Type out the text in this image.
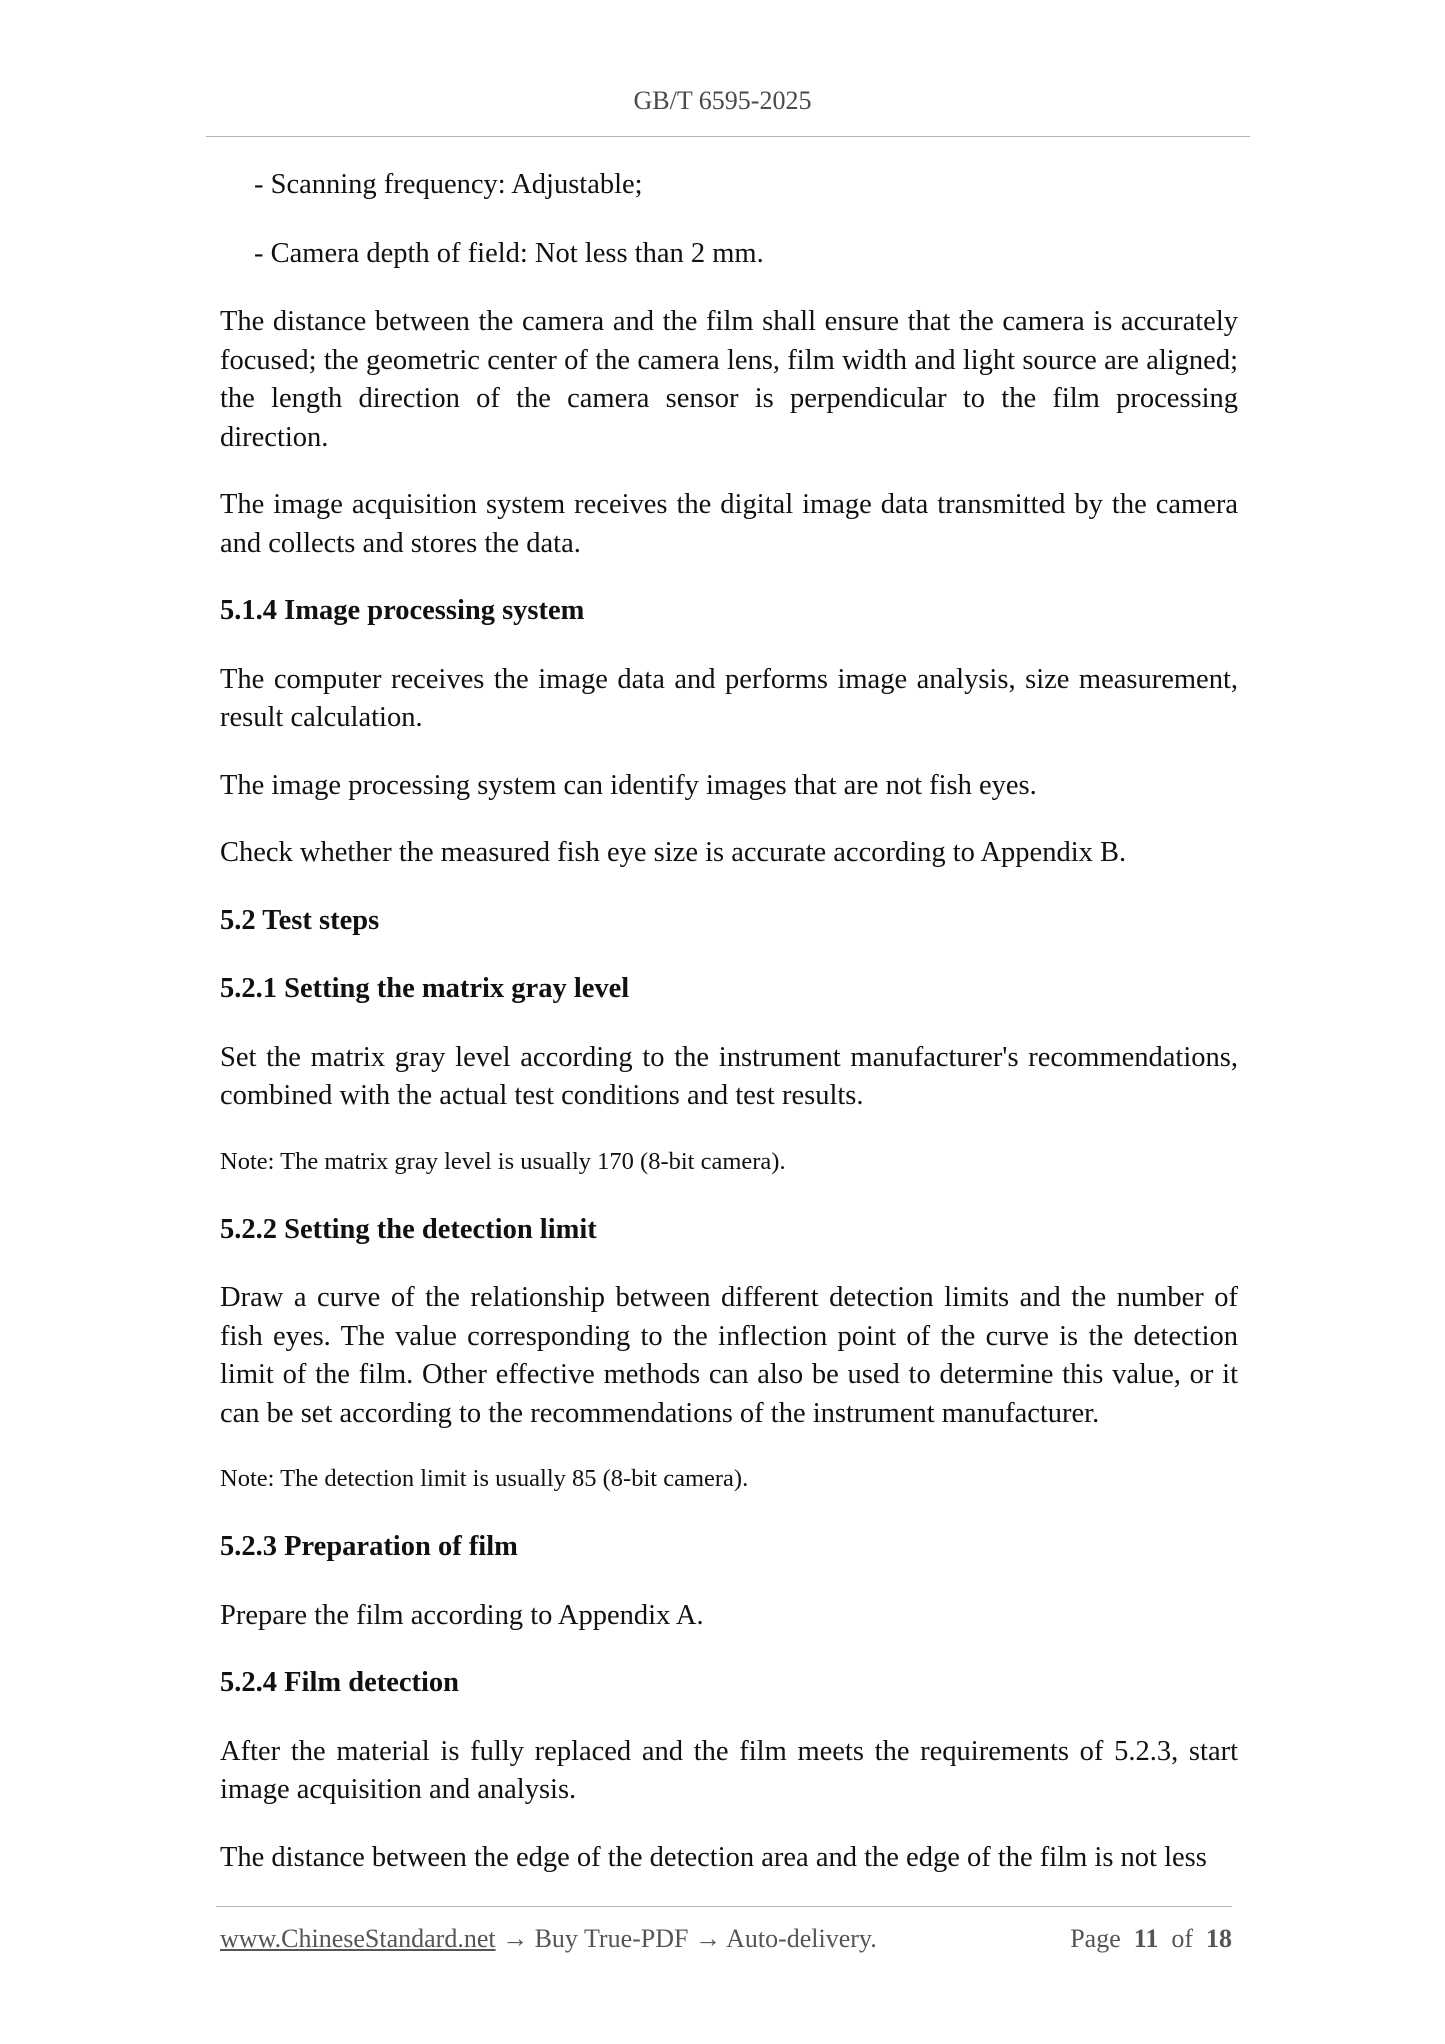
GB/T 6595-2025

- Scanning frequency: Adjustable;

- Camera depth of field: Not less than 2 mm.

The distance between the camera and the film shall ensure that the camera is accurately focused; the geometric center of the camera lens, film width and light source are aligned; the length direction of the camera sensor is perpendicular to the film processing direction.

The image acquisition system receives the digital image data transmitted by the camera and collects and stores the data.

5.1.4 Image processing system

The computer receives the image data and performs image analysis, size measurement, result calculation.

The image processing system can identify images that are not fish eyes.

Check whether the measured fish eye size is accurate according to Appendix B.

5.2 Test steps

5.2.1 Setting the matrix gray level

Set the matrix gray level according to the instrument manufacturer's recommendations, combined with the actual test conditions and test results.

Note: The matrix gray level is usually 170 (8-bit camera).

5.2.2 Setting the detection limit

Draw a curve of the relationship between different detection limits and the number of fish eyes. The value corresponding to the inflection point of the curve is the detection limit of the film. Other effective methods can also be used to determine this value, or it can be set according to the recommendations of the instrument manufacturer.

Note: The detection limit is usually 85 (8-bit camera).

5.2.3 Preparation of film

Prepare the film according to Appendix A.

5.2.4 Film detection

After the material is fully replaced and the film meets the requirements of 5.2.3, start image acquisition and analysis.

The distance between the edge of the detection area and the edge of the film is not less

www.ChineseStandard.net → Buy True-PDF → Auto-delivery.	Page 11 of 18
